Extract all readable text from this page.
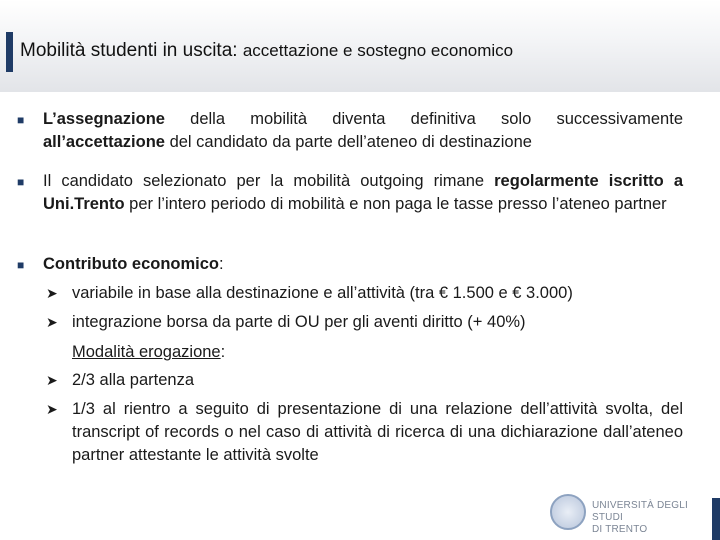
Mobilità studenti in uscita: accettazione e sostegno economico
■ L’assegnazione della mobilità diventa definitiva solo successivamente all’accettazione del candidato da parte dell’ateneo di destinazione
■ Il candidato selezionato per la mobilità outgoing rimane regolarmente iscritto a Uni.Trento per l’intero periodo di mobilità e non paga le tasse presso l’ateneo partner
■ Contributo economico:
➤ variabile in base alla destinazione e all’attività (tra € 1.500 e € 3.000)
➤ integrazione borsa da parte di OU per gli aventi diritto (+ 40%)
Modalità erogazione:
➤ 2/3 alla partenza
➤ 1/3 al rientro a seguito di presentazione di una relazione dell’attività svolta, del transcript of records o nel caso di attività di ricerca di una dichiarazione dall’ateneo partner attestante le attività svolte
UNIVERSITÀ DEGLI STUDI
DI TRENTO
